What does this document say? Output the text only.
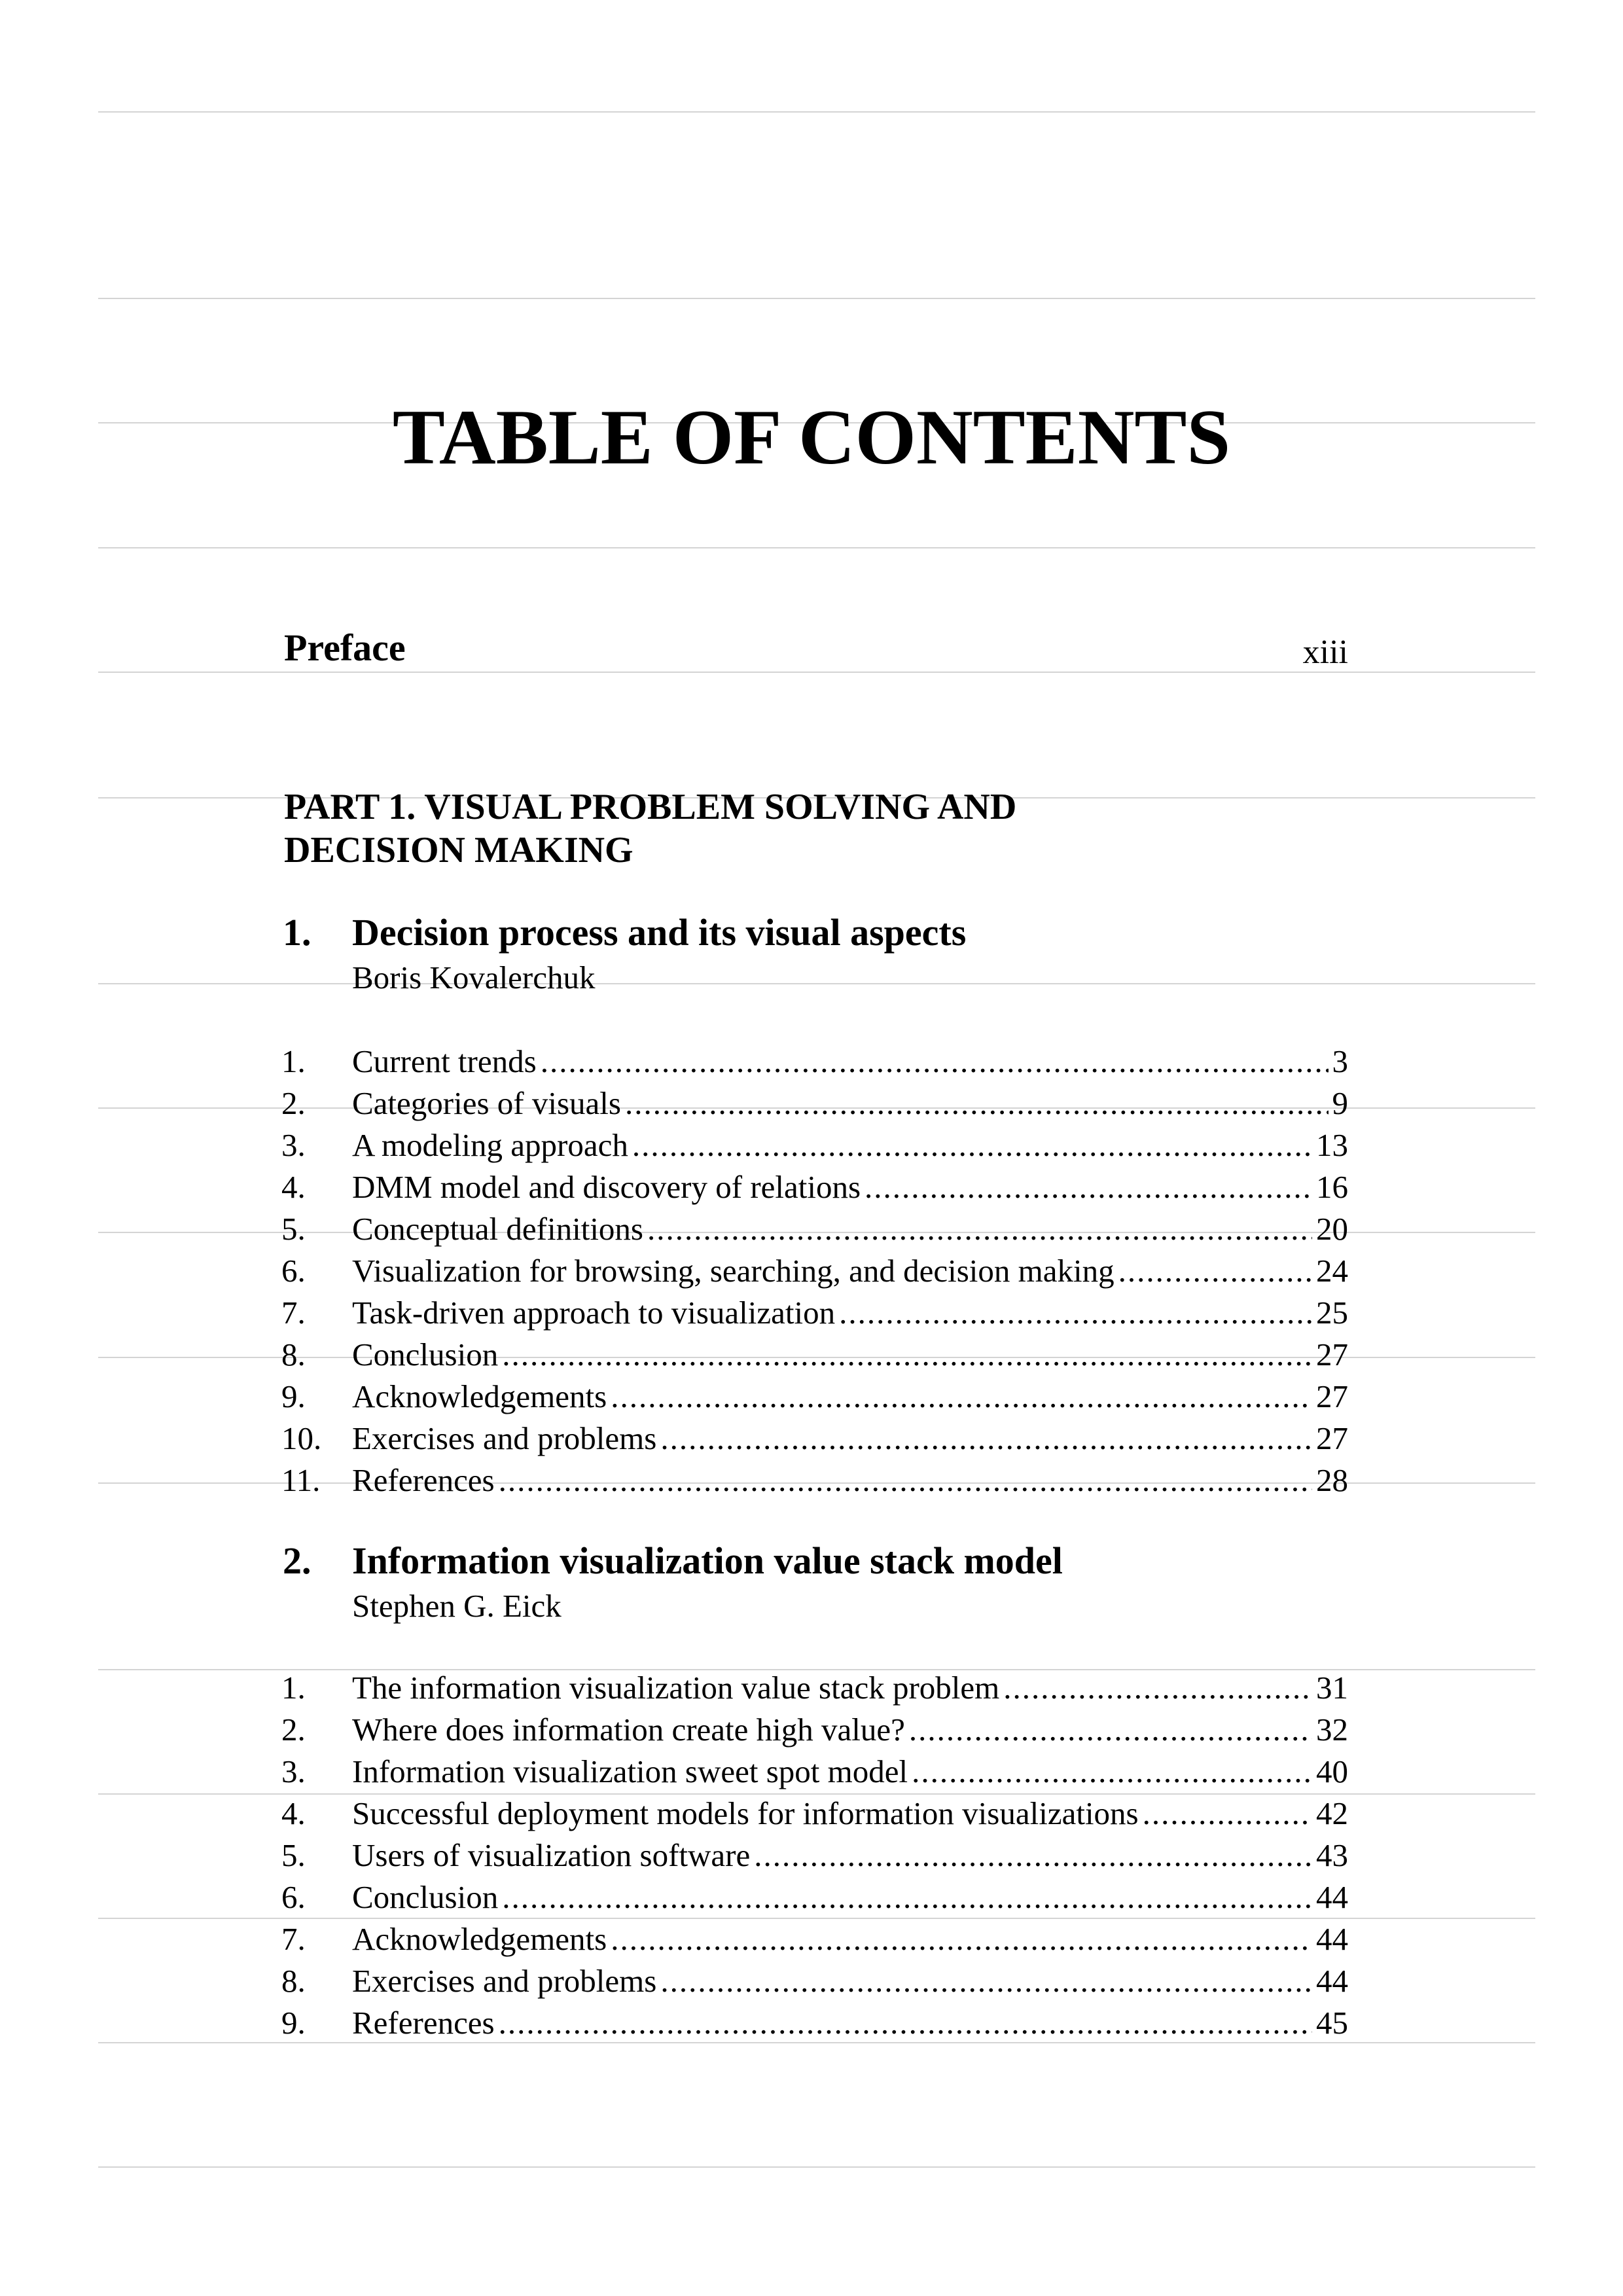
TABLE OF CONTENTS
Preface	xiii
PART 1. VISUAL PROBLEM SOLVING AND
DECISION MAKING
1. Decision process and its visual aspects
Boris Kovalerchuk
1.	Current trends .....	3
2.	Categories of visuals .....	9
3.	A modeling approach .....	13
4.	DMM model and discovery of relations .....	16
5.	Conceptual definitions .....	20
6.	Visualization for browsing, searching, and decision making .....	24
7.	Task-driven approach to visualization .....	25
8.	Conclusion .....	27
9.	Acknowledgements .....	27
10. Exercises and problems .....	27
11. References .....	28
2. Information visualization value stack model
Stephen G. Eick
1.	The information visualization value stack problem .....	31
2.	Where does information create high value? .....	32
3.	Information visualization sweet spot model .....	40
4.	Successful deployment models for information visualizations .....	42
5.	Users of visualization software .....	43
6.	Conclusion .....	44
7.	Acknowledgements .....	44
8.	Exercises and problems .....	44
9.	References .....	45
